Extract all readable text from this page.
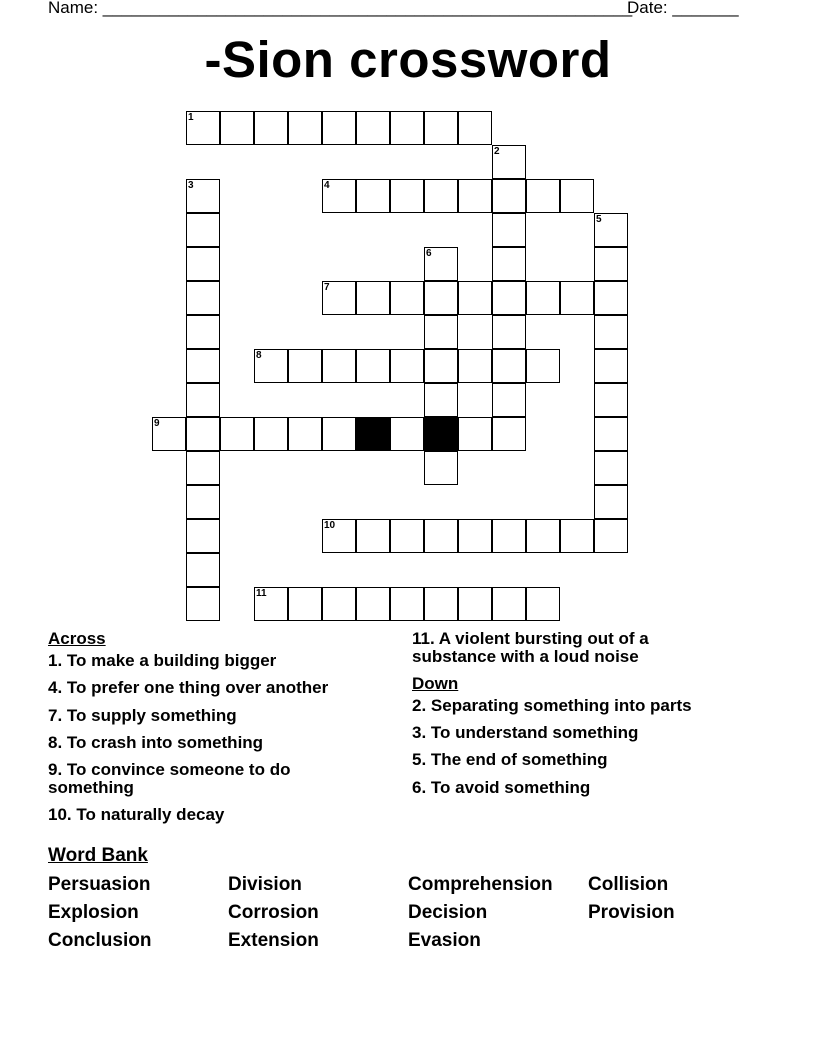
Name: ________________________________________________________
Date: _______
-Sion crossword
1
2
3	4
5
6
7
8
9
10
11
Across
1. To make a building bigger
4. To prefer one thing over another
7. To supply something
8. To crash into something
9. To convince someone to do something
10. To naturally decay
11. A violent bursting out of a substance with a loud noise
Down
2. Separating something into parts
3. To understand something
5. The end of something
6. To avoid something
Word Bank
Persuasion	Division	Comprehension Collision
Explosion	Corrosion	Decision	Provision
Conclusion	Extension	Evasion
